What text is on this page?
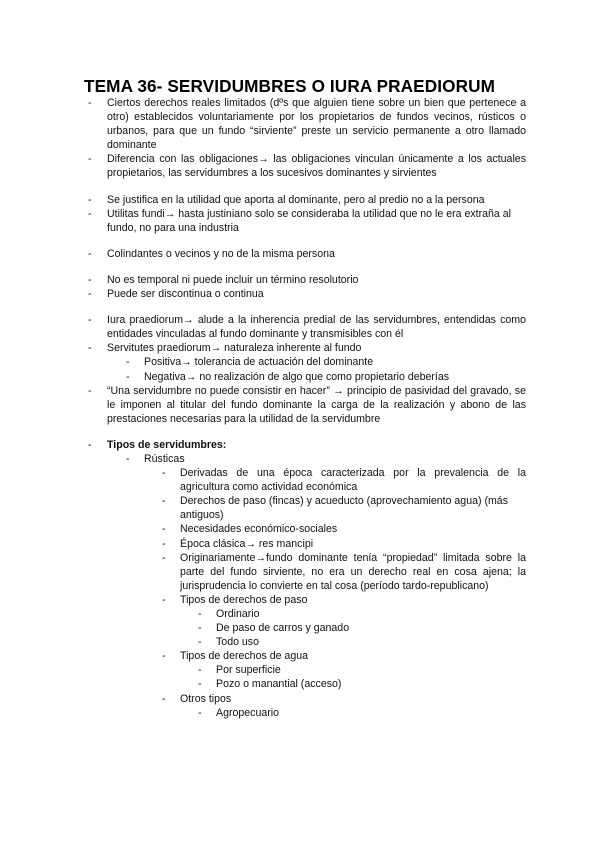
TEMA 36- SERVIDUMBRES O IURA PRAEDIORUM
- Ciertos derechos reales limitados (dºs que alguien tiene sobre un bien que pertenece a otro) establecidos voluntariamente por los propietarios de fundos vecinos, rústicos o urbanos, para que un fundo “sirviente” preste un servicio permanente a otro llamado dominante
- Diferencia con las obligaciones→ las obligaciones vinculan únicamente a los actuales propietarios, las servidumbres a los sucesivos dominantes y sirvientes
- Se justifica en la utilidad que aporta al dominante, pero al predio no a la persona
- Utilitas fundi→ hasta justiniano solo se consideraba la utilidad que no le era extraña al fundo, no para una industria
- Colindantes o vecinos y no de la misma persona
- No es temporal ni puede incluir un término resolutorio
- Puede ser discontinua o continua
- Iura praediorum→ alude a la inherencia predial de las servidumbres, entendidas como entidades vinculadas al fundo dominante y transmisibles con él
- Servitutes praediorum→ naturaleza inherente al fundo
- Positiva→ tolerancia de actuación del dominante
- Negativa→ no realización de algo que como propietario deberías
- “Una servidumbre no puede consistir en hacer” → principio de pasividad del gravado, se le imponen al titular del fundo dominante la carga de la realización y abono de las prestaciones necesarias para la utilidad de la servidumbre
- Tipos de servidumbres:
- Rústicas
- Derivadas de una época caracterizada por la prevalencia de la agricultura como actividad económica
- Derechos de paso (fincas) y acueducto (aprovechamiento agua) (más antiguos)
- Necesidades económico-sociales
- Época clásica→ res mancipi
- Originariamente→fundo dominante tenía “propiedad” limitada sobre la parte del fundo sirviente, no era un derecho real en cosa ajena; la jurisprudencia lo convierte en tal cosa (período tardo-republicano)
- Tipos de derechos de paso
- Ordinario
- De paso de carros y ganado
- Todo uso
- Tipos de derechos de agua
- Por superficie
- Pozo o manantial (acceso)
- Otros tipos
- Agropecuario
